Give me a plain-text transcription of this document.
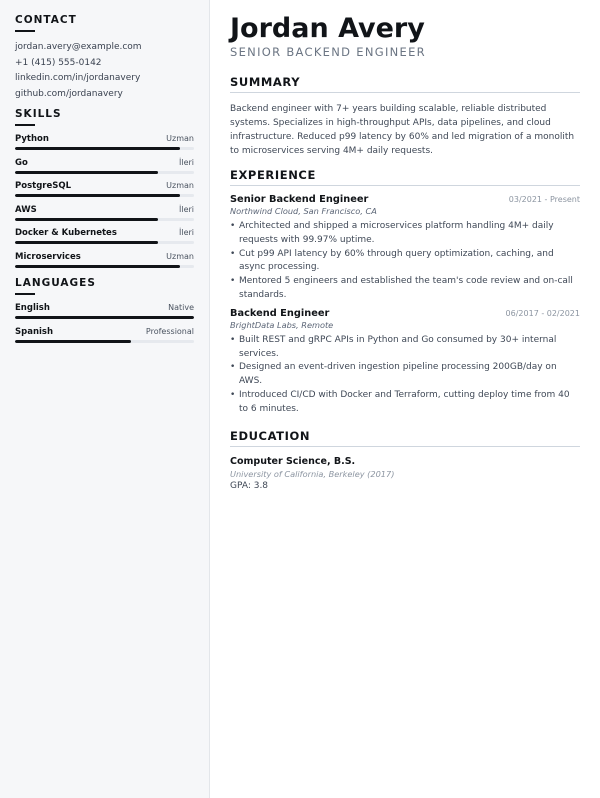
CONTACT
jordan.avery@example.com
+1 (415) 555-0142
linkedin.com/in/jordanavery
github.com/jordanavery
SKILLS
Python	Uzman
Go	İleri
PostgreSQL	Uzman
AWS	İleri
Docker & Kubernetes	İleri
Microservices	Uzman
LANGUAGES
English	Native
Spanish	Professional
Jordan Avery
SENIOR BACKEND ENGINEER
SUMMARY
Backend engineer with 7+ years building scalable, reliable distributed systems. Specializes in high-throughput APIs, data pipelines, and cloud infrastructure. Reduced p99 latency by 60% and led migration of a monolith to microservices serving 4M+ daily requests.
EXPERIENCE
Senior Backend Engineer	03/2021 - Present
Northwind Cloud, San Francisco, CA
• Architected and shipped a microservices platform handling 4M+ daily requests with 99.97% uptime.
• Cut p99 API latency by 60% through query optimization, caching, and async processing.
• Mentored 5 engineers and established the team's code review and on-call standards.
Backend Engineer	06/2017 - 02/2021
BrightData Labs, Remote
• Built REST and gRPC APIs in Python and Go consumed by 30+ internal services.
• Designed an event-driven ingestion pipeline processing 200GB/day on AWS.
• Introduced CI/CD with Docker and Terraform, cutting deploy time from 40 to 6 minutes.
EDUCATION
Computer Science, B.S.
University of California, Berkeley (2017)
GPA: 3.8
